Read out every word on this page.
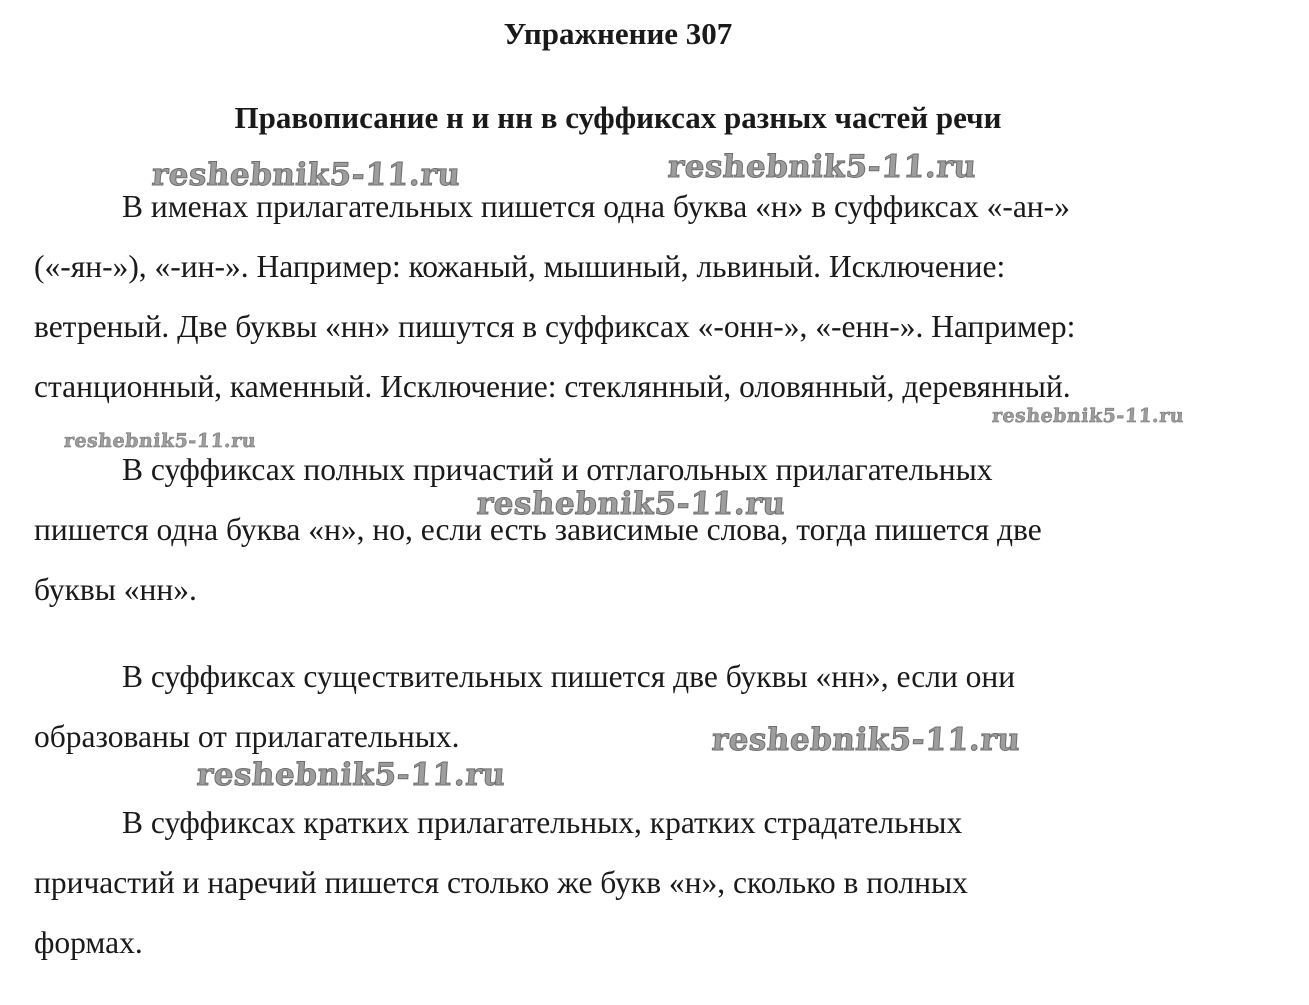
Упражнение 307
Правописание н и нн в суффиксах разных частей речи

В именах прилагательных пишется одна буква «н» в суффиксах «-ан-»
(«-ян-»), «-ин-». Например: кожаный, мышиный, львиный. Исключение:
ветреный. Две буквы «нн» пишутся в суффиксах «-онн-», «-енн-». Например:
станционный, каменный. Исключение: стеклянный, оловянный, деревянный.

В суффиксах полных причастий и отглагольных прилагательных
пишется одна буква «н», но, если есть зависимые слова, тогда пишется две
буквы «нн».

В суффиксах существительных пишется две буквы «нн», если они
образованы от прилагательных.

В суффиксах кратких прилагательных, кратких страдательных
причастий и наречий пишется столько же букв «н», сколько в полных
формах.

reshebnik5-11.ru	reshebnik5-11.ru
reshebnik5-11.ru
reshebnik5-11.ru
reshebnik5-11.ru
reshebnik5-11.ru
reshebnik5-11.ru
